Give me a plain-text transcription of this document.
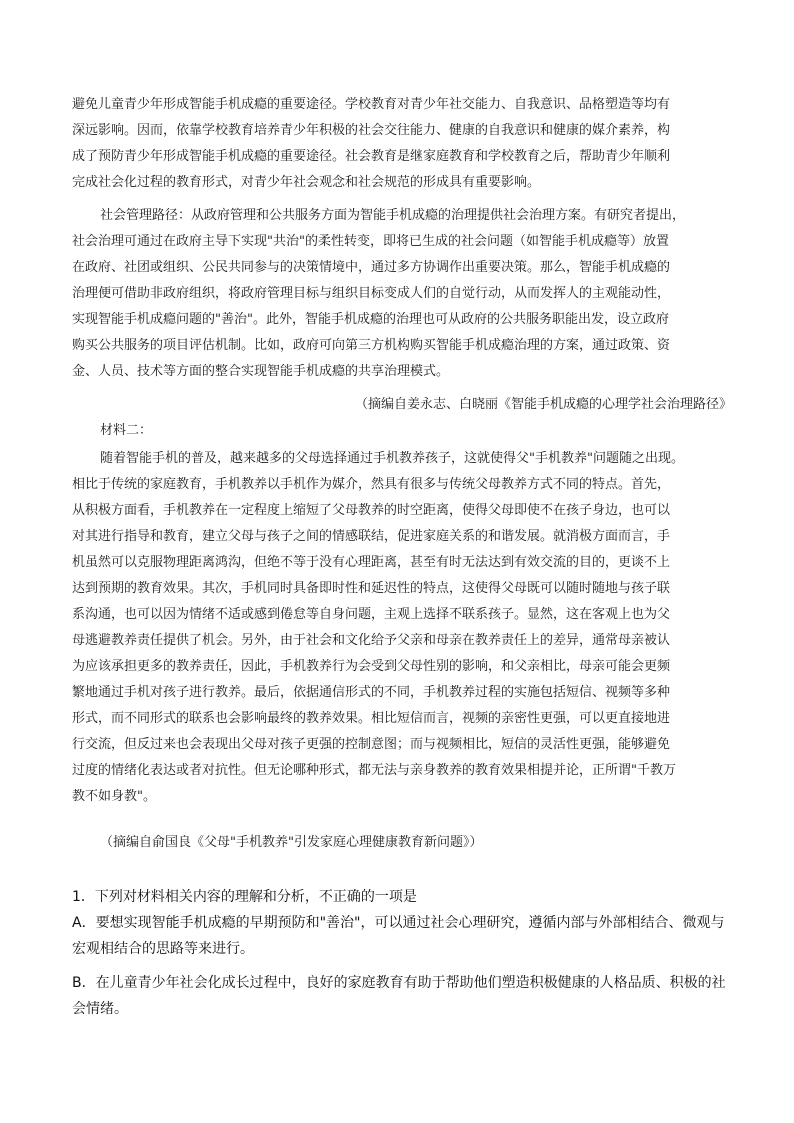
避免儿童青少年形成智能手机成瘾的重要途径。学校教育对青少年社交能力、自我意识、品格塑造等均有
深远影响。因而，依靠学校教育培养青少年积极的社会交往能力、健康的自我意识和健康的媒介素养，构
成了预防青少年形成智能手机成瘾的重要途径。社会教育是继家庭教育和学校教育之后，帮助青少年顺利
完成社会化过程的教育形式，对青少年社会观念和社会规范的形成具有重要影响。
社会管理路径：从政府管理和公共服务方面为智能手机成瘾的治理提供社会治理方案。有研究者提出，
社会治理可通过在政府主导下实现"共治"的柔性转变，即将已生成的社会问题（如智能手机成瘾等）放置
在政府、社团或组织、公民共同参与的决策情境中，通过多方协调作出重要决策。那么，智能手机成瘾的
治理便可借助非政府组织，将政府管理目标与组织目标变成人们的自觉行动，从而发挥人的主观能动性，
实现智能手机成瘾问题的"善治"。此外，智能手机成瘾的治理也可从政府的公共服务职能出发，设立政府
购买公共服务的项目评估机制。比如，政府可向第三方机构购买智能手机成瘾治理的方案，通过政策、资
金、人员、技术等方面的整合实现智能手机成瘾的共享治理模式。
（摘编自姜永志、白晓丽《智能手机成瘾的心理学社会治理路径》
材料二：
随着智能手机的普及，越来越多的父母选择通过手机教养孩子，这就使得父"手机教养"问题随之出现。
相比于传统的家庭教育，手机教养以手机作为媒介，然具有很多与传统父母教养方式不同的特点。首先，
从积极方面看，手机教养在一定程度上缩短了父母教养的时空距离，使得父母即使不在孩子身边，也可以
对其进行指导和教育，建立父母与孩子之间的情感联结，促进家庭关系的和谐发展。就消极方面而言，手
机虽然可以克服物理距离鸿沟，但绝不等于没有心理距离，甚至有时无法达到有效交流的目的，更谈不上
达到预期的教育效果。其次，手机同时具备即时性和延迟性的特点，这使得父母既可以随时随地与孩子联
系沟通，也可以因为情绪不适或感到倦怠等自身问题，主观上选择不联系孩子。显然，这在客观上也为父
母逃避教养责任提供了机会。另外，由于社会和文化给予父亲和母亲在教养责任上的差异，通常母亲被认
为应该承担更多的教养责任，因此，手机教养行为会受到父母性别的影响，和父亲相比，母亲可能会更频
繁地通过手机对孩子进行教养。最后，依据通信形式的不同，手机教养过程的实施包括短信、视频等多种
形式，而不同形式的联系也会影响最终的教养效果。相比短信而言，视频的亲密性更强，可以更直接地进
行交流，但反过来也会表现出父母对孩子更强的控制意图；而与视频相比，短信的灵活性更强，能够避免
过度的情绪化表达或者对抗性。但无论哪种形式，都无法与亲身教养的教育效果相提并论，正所谓"千教万
教不如身教"。
（摘编自俞国良《父母"手机教养"引发家庭心理健康教育新问题》）
1．下列对材料相关内容的理解和分析，不正确的一项是
A．要想实现智能手机成瘾的早期预防和"善治"，可以通过社会心理研究，遵循内部与外部相结合、微观与
宏观相结合的思路等来进行。
B．在儿童青少年社会化成长过程中，良好的家庭教育有助于帮助他们塑造积极健康的人格品质、积极的社
会情绪。
